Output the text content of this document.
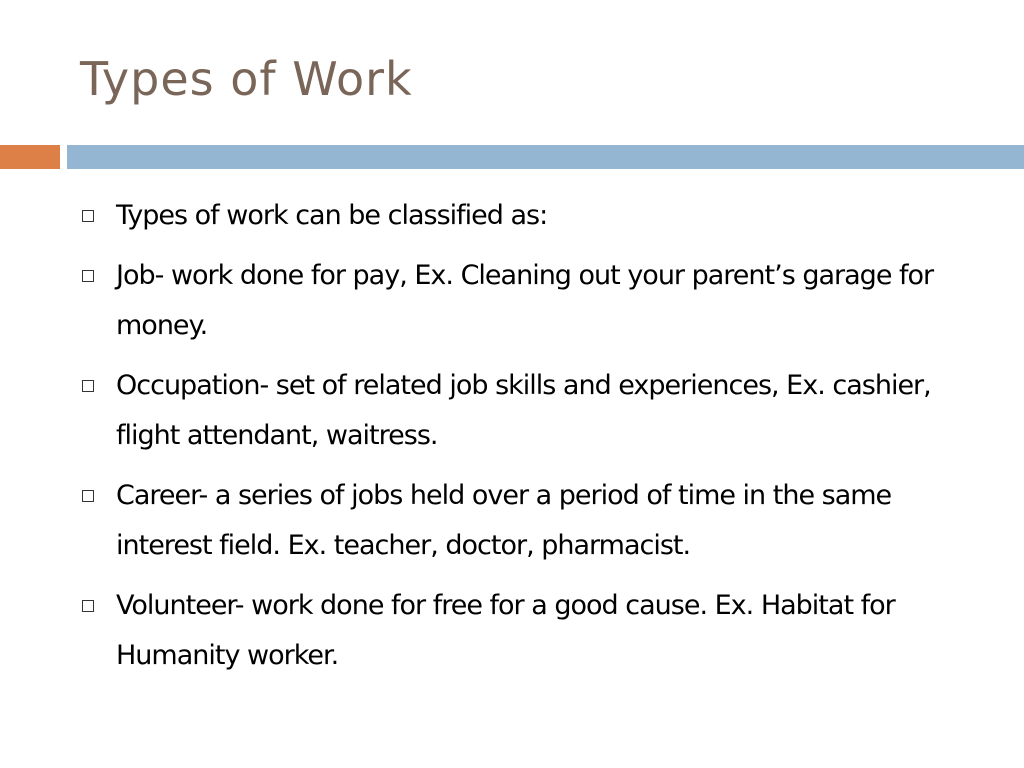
Types of Work
Types of work can be classified as:
Job- work done for pay, Ex. Cleaning out your parent’s garage for money.
Occupation- set of related job skills and experiences, Ex. cashier, flight attendant, waitress.
Career- a series of jobs held over a period of time in the same interest field. Ex. teacher, doctor, pharmacist.
Volunteer- work done for free for a good cause. Ex. Habitat for Humanity worker.
